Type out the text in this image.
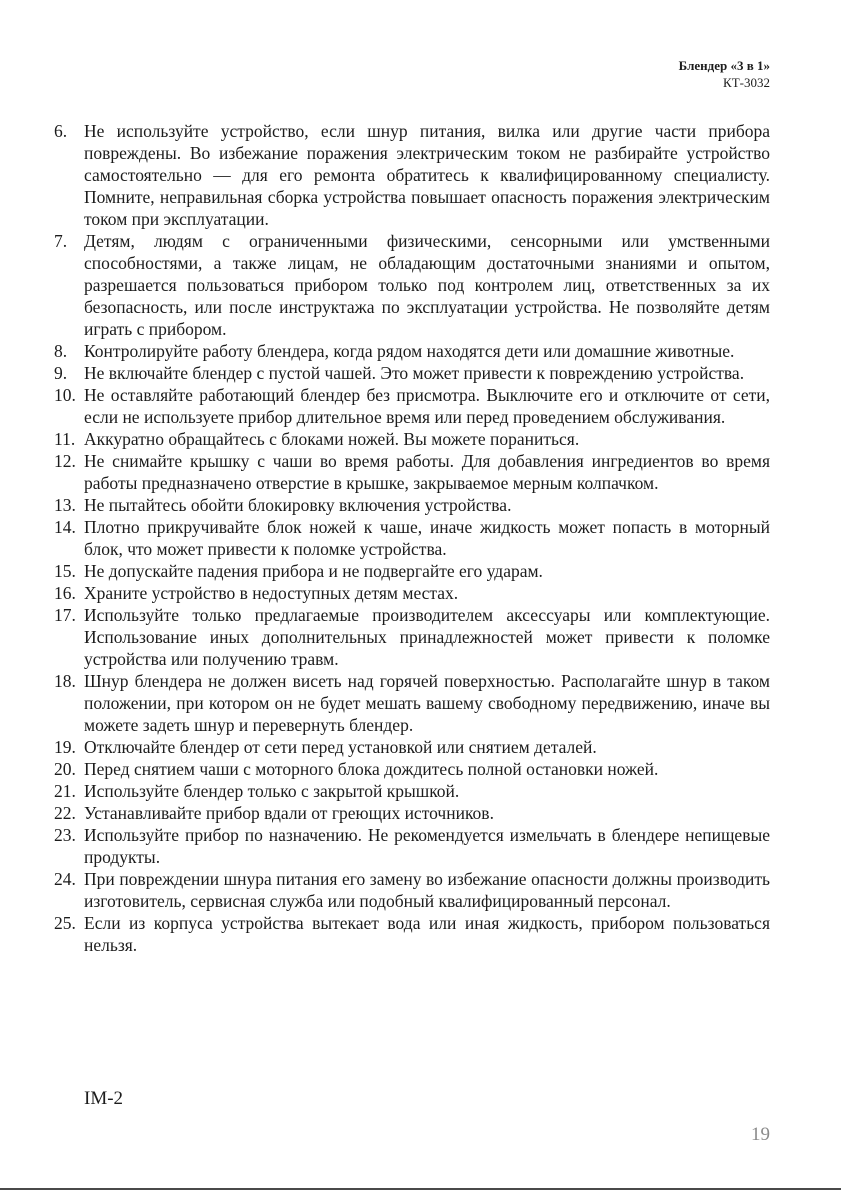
Блендер «3 в 1»
КТ-3032
6. Не используйте устройство, если шнур питания, вилка или другие части прибора повреждены. Во избежание поражения электрическим током не разбирайте устройство самостоятельно — для его ремонта обратитесь к квалифицированному специалисту. Помните, неправильная сборка устройства повышает опасность поражения электрическим током при эксплуатации.
7. Детям, людям с ограниченными физическими, сенсорными или умственными способностями, а также лицам, не обладающим достаточными знаниями и опытом, разрешается пользоваться прибором только под контролем лиц, ответственных за их безопасность, или после инструктажа по эксплуатации устройства. Не позволяйте детям играть с прибором.
8. Контролируйте работу блендера, когда рядом находятся дети или домашние животные.
9. Не включайте блендер с пустой чашей. Это может привести к повреждению устройства.
10. Не оставляйте работающий блендер без присмотра. Выключите его и отключите от сети, если не используете прибор длительное время или перед проведением обслуживания.
11. Аккуратно обращайтесь с блоками ножей. Вы можете пораниться.
12. Не снимайте крышку с чаши во время работы. Для добавления ингредиентов во время работы предназначено отверстие в крышке, закрываемое мерным колпачком.
13. Не пытайтесь обойти блокировку включения устройства.
14. Плотно прикручивайте блок ножей к чаше, иначе жидкость может попасть в моторный блок, что может привести к поломке устройства.
15. Не допускайте падения прибора и не подвергайте его ударам.
16. Храните устройство в недоступных детям местах.
17. Используйте только предлагаемые производителем аксессуары или комплектующие. Использование иных дополнительных принадлежностей может привести к поломке устройства или получению травм.
18. Шнур блендера не должен висеть над горячей поверхностью. Располагайте шнур в таком положении, при котором он не будет мешать вашему свободному передвижению, иначе вы можете задеть шнур и перевернуть блендер.
19. Отключайте блендер от сети перед установкой или снятием деталей.
20. Перед снятием чаши с моторного блока дождитесь полной остановки ножей.
21. Используйте блендер только с закрытой крышкой.
22. Устанавливайте прибор вдали от греющих источников.
23. Используйте прибор по назначению. Не рекомендуется измельчать в блендере непищевые продукты.
24. При повреждении шнура питания его замену во избежание опасности должны производить изготовитель, сервисная служба или подобный квалифицированный персонал.
25. Если из корпуса устройства вытекает вода или иная жидкость, прибором пользоваться нельзя.
IM-2
19
